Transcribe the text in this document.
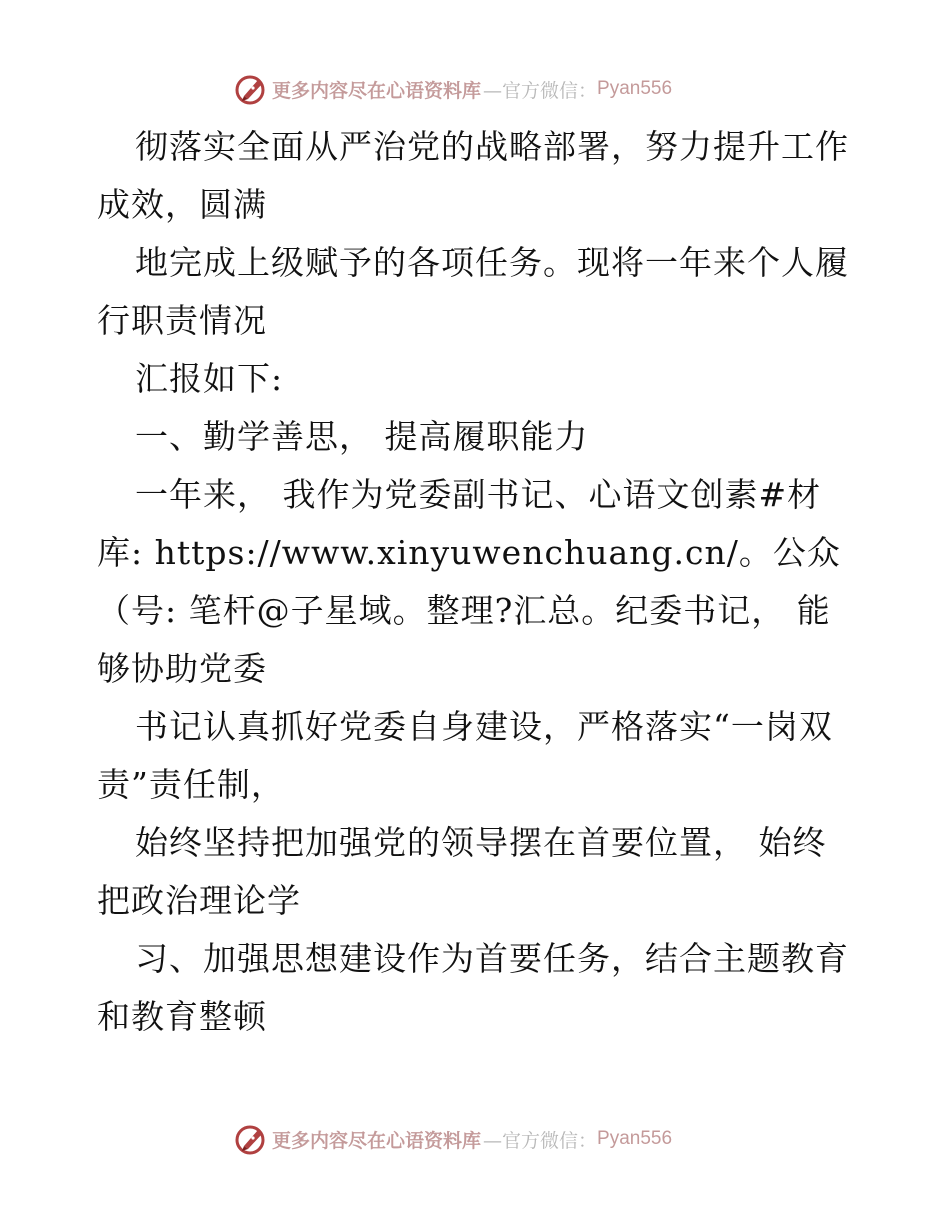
更多内容尽在心语资料库 —官方微信： Pyan556
彻落实全面从严治党的战略部署，努力提升工作
成效，圆满
地完成上级赋予的各项任务。现将一年来个人履
行职责情况
汇报如下:
一、勤学善思， 提高履职能力
一年来， 我作为党委副书记、心语文创素#材
库: https://www.xinyuwenchuang.cn/。公众
（号: 笔杆@子星域。整理?汇总。纪委书记， 能
够协助党委
书记认真抓好党委自身建设，严格落实“一岗双
责”责任制，
始终坚持把加强党的领导摆在首要位置， 始终
把政治理论学
习、加强思想建设作为首要任务，结合主题教育
和教育整顿
更多内容尽在心语资料库 —官方微信： Pyan556
